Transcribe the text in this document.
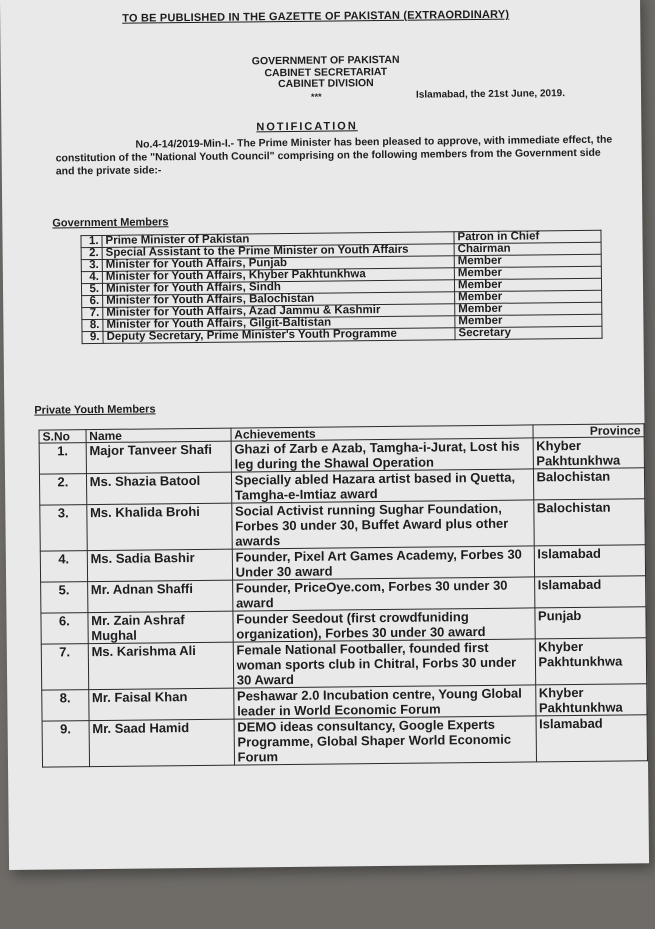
TO BE PUBLISHED IN THE GAZETTE OF PAKISTAN (EXTRAORDINARY)
GOVERNMENT OF PAKISTAN
CABINET SECRETARIAT
CABINET DIVISION
***	Islamabad, the 21st June, 2019.
NOTIFICATION
No.4-14/2019-Min-I.- The Prime Minister has been pleased to approve, with immediate effect, the constitution of the "National Youth Council" comprising on the following members from the Government side and the private side:-
Government Members
1.	Prime Minister of Pakistan	Patron in Chief
2.	Special Assistant to the Prime Minister on Youth Affairs	Chairman
3.	Minister for Youth Affairs, Punjab	Member
4.	Minister for Youth Affairs, Khyber Pakhtunkhwa	Member
5.	Minister for Youth Affairs, Sindh	Member
6.	Minister for Youth Affairs, Balochistan	Member
7.	Minister for Youth Affairs, Azad Jammu & Kashmir	Member
8.	Minister for Youth Affairs, Gilgit-Baltistan	Member
9.	Deputy Secretary, Prime Minister's Youth Programme	Secretary
Private Youth Members
S.No	Name	Achievements	Province
1.	Major Tanveer Shafi	Ghazi of Zarb e Azab, Tamgha-i-Jurat, Lost his leg during the Shawal Operation	Khyber Pakhtunkhwa
2.	Ms. Shazia Batool	Specially abled Hazara artist based in Quetta, Tamgha-e-Imtiaz award	Balochistan
3.	Ms. Khalida Brohi	Social Activist running Sughar Foundation, Forbes 30 under 30, Buffet Award plus other awards	Balochistan
4.	Ms. Sadia Bashir	Founder, Pixel Art Games Academy, Forbes 30 Under 30 award	Islamabad
5.	Mr. Adnan Shaffi	Founder, PriceOye.com, Forbes 30 under 30 award	Islamabad
6.	Mr. Zain Ashraf Mughal	Founder Seedout (first crowdfuniding organization), Forbes 30 under 30 award	Punjab
7.	Ms. Karishma Ali	Female National Footballer, founded first woman sports club in Chitral, Forbs 30 under 30 Award	Khyber Pakhtunkhwa
8.	Mr. Faisal Khan	Peshawar 2.0 Incubation centre, Young Global leader in World Economic Forum	Khyber Pakhtunkhwa
9.	Mr. Saad Hamid	DEMO ideas consultancy, Google Experts Programme, Global Shaper World Economic Forum	Islamabad
